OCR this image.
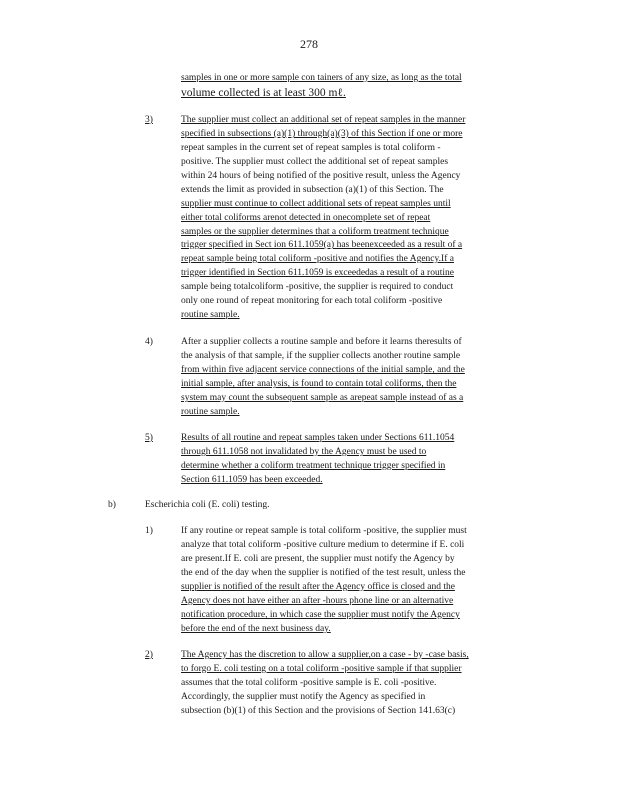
278
samples in one or more sample con tainers of any size, as long as the total
volume collected is at least 300 mℓ.
3)	The supplier must collect an additional set of repeat samples in the manner
specified in subsections (a)(1) through(a)(3) of this Section if one or more
repeat samples in the current set of repeat samples is total coliform -
positive. The supplier must collect the additional set of repeat samples
within 24 hours of being notified of the positive result, unless the Agency
extends the limit as provided in subsection (a)(1) of this Section. The
supplier must continue to collect additional sets of repeat samples until
either total coliforms arenot detected in onecomplete set of repeat
samples or the supplier determines that a coliform treatment technique
trigger specified in Sect ion 611.1059(a) has beenexceeded as a result of a
repeat sample being total coliform -positive and notifies the Agency.If a
trigger identified in Section 611.1059 is exceededas a result of a routine
sample being totalcoliform -positive, the supplier is required to conduct
only one round of repeat monitoring for each total coliform -positive
routine sample.
4)	After a supplier collects a routine sample and before it learns theresults of
the analysis of that sample, if the supplier collects another routine sample
from within five adjacent service connections of the initial sample, and the
initial sample, after analysis, is found to contain total coliforms, then the
system may count the subsequent sample as arepeat sample instead of as a
routine sample.
5)	Results of all routine and repeat samples taken under Sections 611.1054
through 611.1058 not invalidated by the Agency must be used to
determine whether a coliform treatment technique trigger specified in
Section 611.1059 has been exceeded.
b)	Escherichia coli (E. coli) testing.
1)	If any routine or repeat sample is total coliform -positive, the supplier must
analyze that total coliform -positive culture medium to determine if E. coli
are present.If E. coli are present, the supplier must notify the Agency by
the end of the day when the supplier is notified of the test result, unless the
supplier is notified of the result after the Agency office is closed and the
Agency does not have either an after -hours phone line or an alternative
notification procedure, in which case the supplier must notify the Agency
before the end of the next business day.
2)	The Agency has the discretion to allow a supplier,on a case - by -case basis,
to forgo E. coli testing on a total coliform -positive sample if that supplier
assumes that the total coliform -positive sample is E. coli -positive.
Accordingly, the supplier must notify the Agency as specified in
subsection (b)(1) of this Section and the provisions of Section 141.63(c)
